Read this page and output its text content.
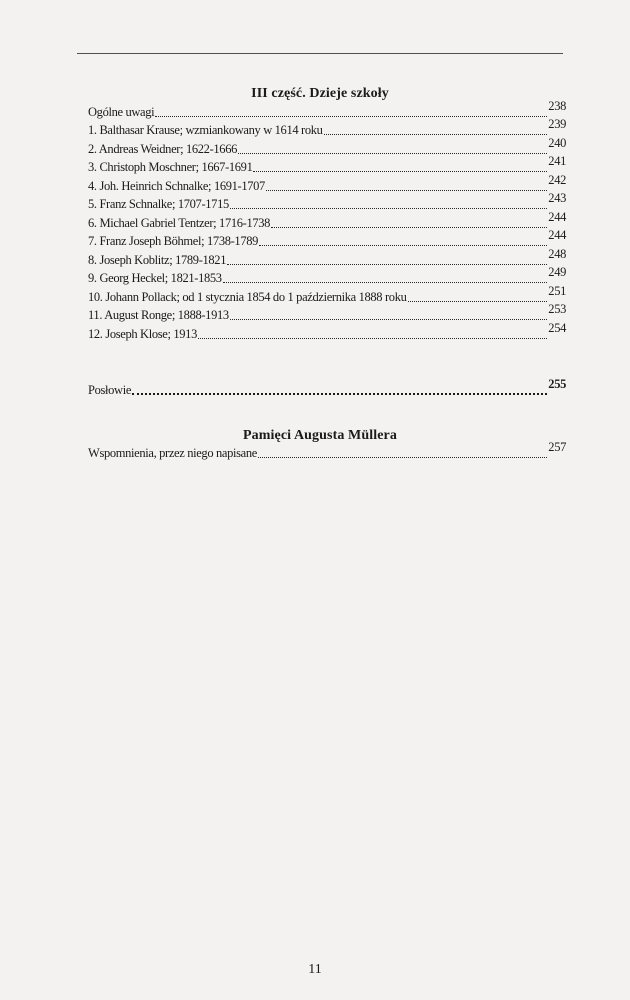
III część. Dzieje szkoły
Ogólne uwagi	238
1. Balthasar Krause; wzmiankowany w 1614 roku	239
2. Andreas Weidner; 1622-1666	240
3. Christoph Moschner; 1667-1691	241
4. Joh. Heinrich Schnalke; 1691-1707	242
5. Franz Schnalke; 1707-1715	243
6. Michael Gabriel Tentzer; 1716-1738	244
7. Franz Joseph Böhmel; 1738-1789	244
8. Joseph Koblitz; 1789-1821	248
9. Georg Heckel; 1821-1853	249
10. Johann Pollack; od 1 stycznia 1854 do 1 października 1888 roku	251
11. August Ronge; 1888-1913	253
12. Joseph Klose; 1913	254
Posłowie	255
Pamięci Augusta Müllera
Wspomnienia, przez niego napisane	257
11
